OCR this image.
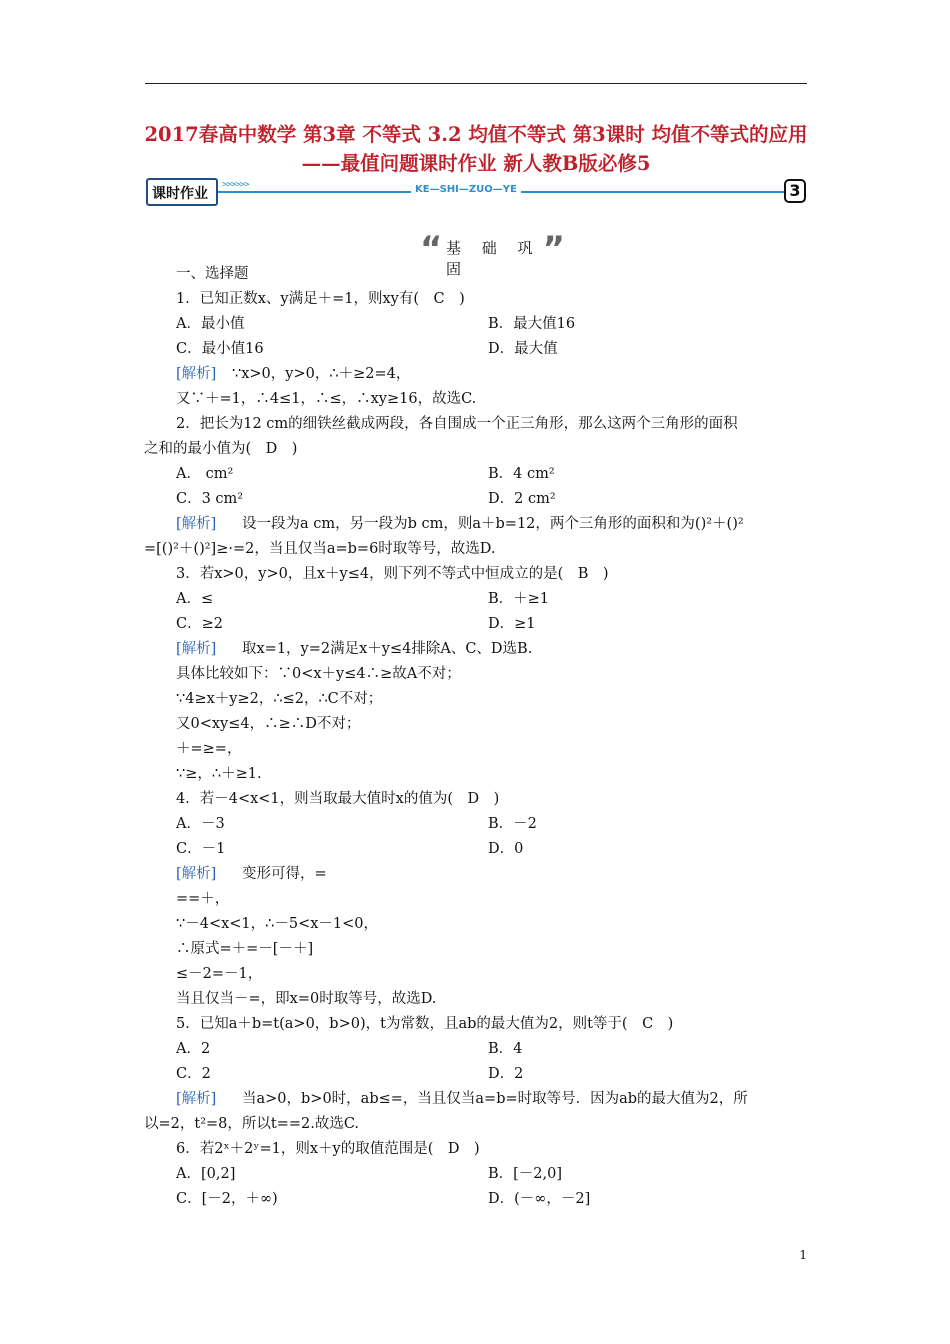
2017春高中数学 第3章 不等式 3.2 均值不等式 第3课时 均值不等式的应用——最值问题课时作业 新人教B版必修5
课时作业
>>>>>>	KE—SHI—ZUO—YE	3
“ 基 础 巩 固	”
一、选择题
1．已知正数x、y满足＋=1，则xy有(　C　)
A．最小值	B．最大值16
C．最小值16	D．最大值
[解析] ∵x>0，y>0，∴＋≥2=4，
又∵＋=1，∴4≤1，∴≤，∴xy≥16，故选C.
2．把长为12 cm的细铁丝截成两段，各自围成一个正三角形，那么这两个三角形的面积
之和的最小值为(　D　)
A． cm²	B．4 cm²
C．3 cm²	D．2 cm²
[解析] 设一段为a cm，另一段为b cm，则a＋b=12，两个三角形的面积和为()²＋()²
=[()²＋()²]≥·=2，当且仅当a=b=6时取等号，故选D.
3．若x>0，y>0，且x＋y≤4，则下列不等式中恒成立的是(　B　)
A．≤	B．＋≥1
C．≥2	D．≥1
[解析] 取x=1，y=2满足x＋y≤4排除A、C、D选B.
具体比较如下：∵0<x＋y≤4∴≥故A不对；
∵4≥x＋y≥2，∴≤2，∴C不对；
又0<xy≤4，∴≥∴D不对；
＋=≥=，
∵≥，∴＋≥1.
4．若－4<x<1，则当取最大值时x的值为(　D　)
A．－3	B．－2
C．－1	D．0
[解析] 变形可得，=
==＋，
∵－4<x<1，∴－5<x－1<0，
∴原式=＋=－[－＋]
≤－2=－1，
当且仅当－=，即x=0时取等号，故选D.
5．已知a＋b=t(a>0，b>0)，t为常数，且ab的最大值为2，则t等于(　C　)
A．2	B．4
C．2	D．2
[解析] 当a>0，b>0时，ab≤=，当且仅当a=b=时取等号．因为ab的最大值为2，所
以=2，t²=8，所以t==2.故选C.
6．若2ˣ＋2ʸ=1，则x＋y的取值范围是(　D　)
A．[0,2]	B．[－2,0]
C．[－2，＋∞)	D．(－∞，－2]
1
